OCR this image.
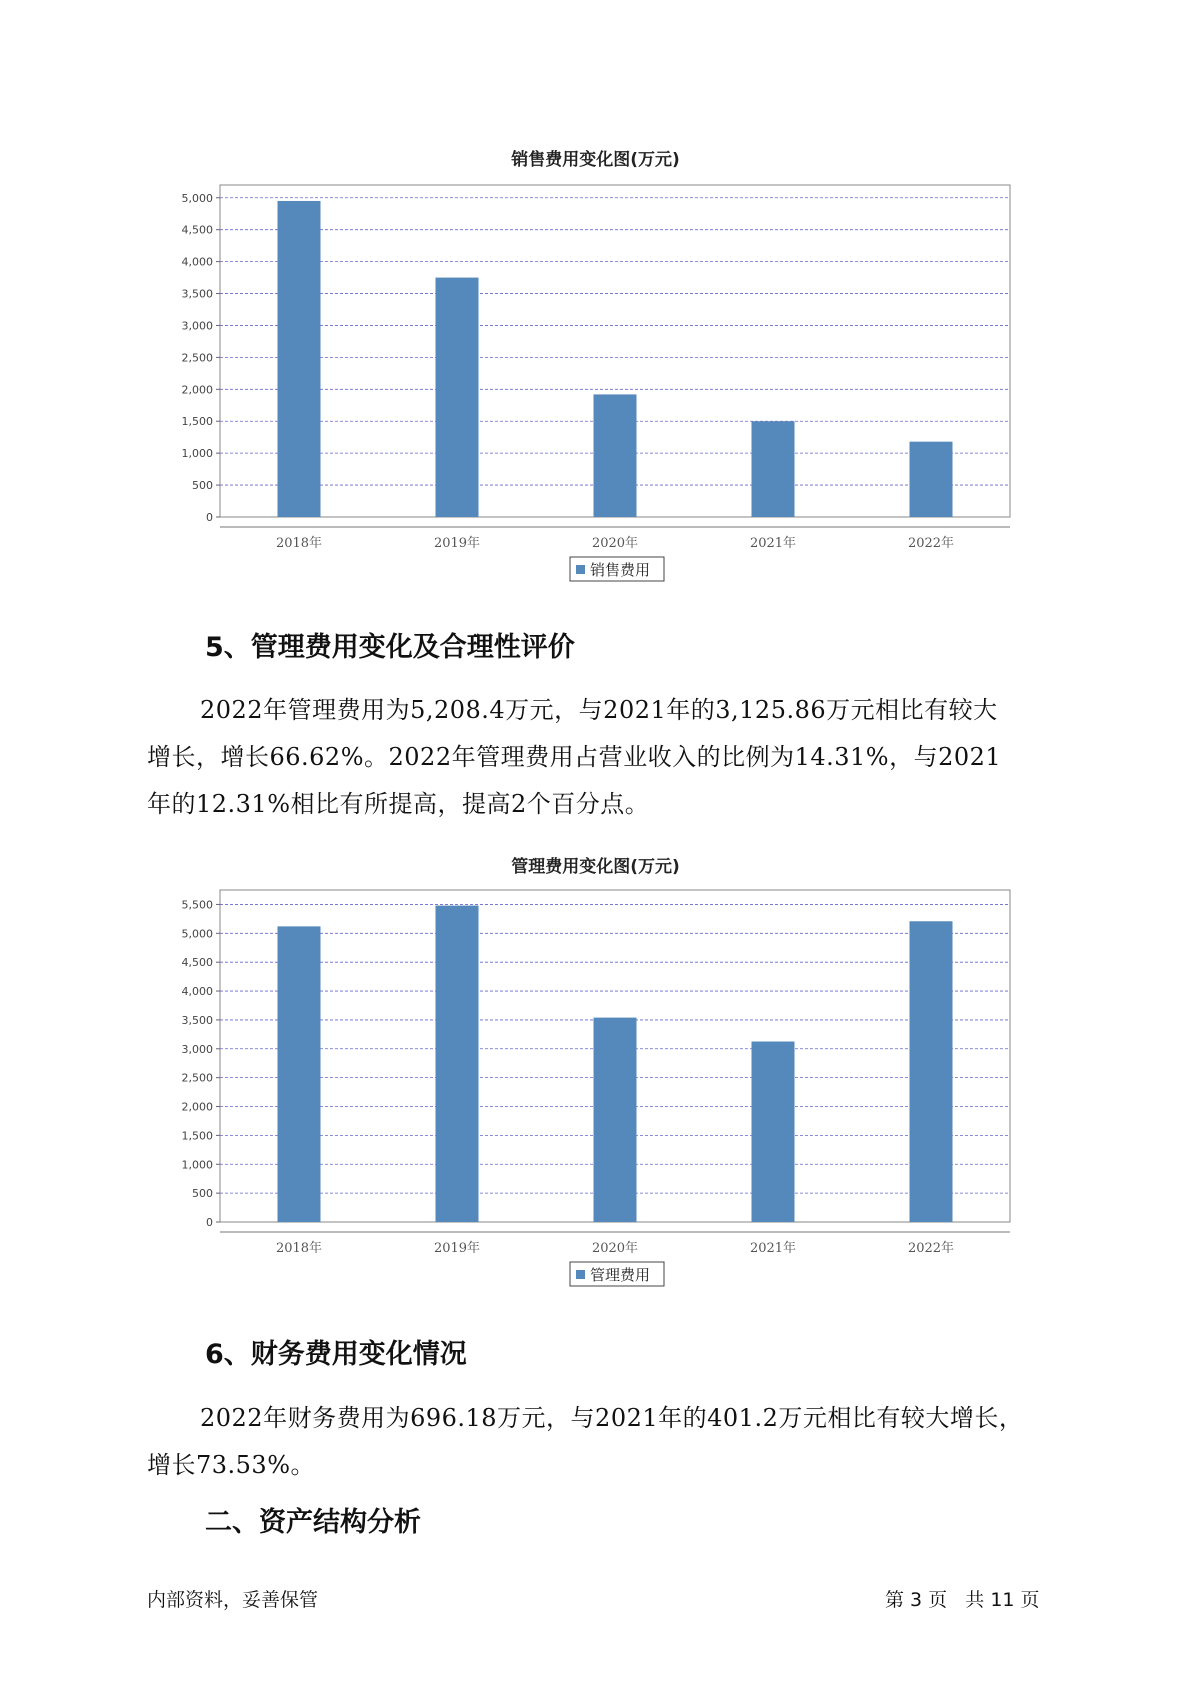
销售费用变化图(万元)
0
500
1,000
1,500
2,000
2,500
3,000
3,500
4,000
4,500
5,000
2018年	2019年	2020年	2021年	2022年
销售费用
5、管理费用变化及合理性评价
2022年管理费用为5,208.4万元，与2021年的3,125.86万元相比有较大
增长，增长66.62%。2022年管理费用占营业收入的比例为14.31%，与2021
年的12.31%相比有所提高，提高2个百分点。
管理费用变化图(万元)
0
500
1,000
1,500
2,000
2,500
3,000
3,500
4,000
4,500
5,000
5,500
2018年	2019年	2020年	2021年	2022年
管理费用
6、财务费用变化情况
2022年财务费用为696.18万元，与2021年的401.2万元相比有较大增长，
增长73.53%。
二、资产结构分析
内部资料，妥善保管	第 3 页   共 11 页
